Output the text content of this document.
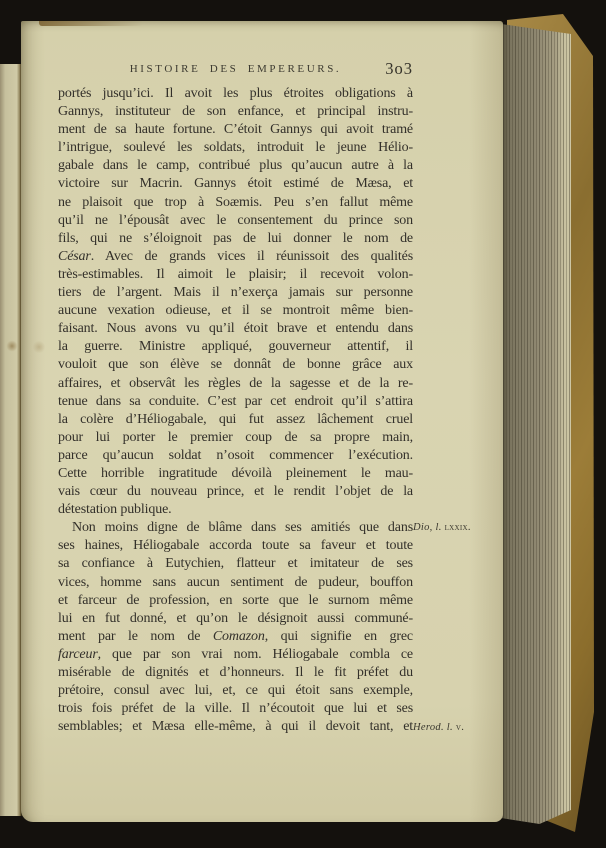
HISTOIRE DES EMPEREURS.	3o3
portés jusqu’ici. Il avoit les plus étroites obligations à
Gannys, instituteur de son enfance, et principal instru-
ment de sa haute fortune. C’étoit Gannys qui avoit tramé
l’intrigue, soulevé les soldats, introduit le jeune Hélio-
gabale dans le camp, contribué plus qu’aucun autre à la
victoire sur Macrin. Gannys étoit estimé de Mæsa, et
ne plaisoit que trop à Soæmis. Peu s’en fallut même
qu’il ne l’épousât avec le consentement du prince son
fils, qui ne s’éloignoit pas de lui donner le nom de
César. Avec de grands vices il réunissoit des qualités
très-estimables. Il aimoit le plaisir; il recevoit volon-
tiers de l’argent. Mais il n’exerça jamais sur personne
aucune vexation odieuse, et il se montroit même bien-
faisant. Nous avons vu qu’il étoit brave et entendu dans
la guerre. Ministre appliqué, gouverneur attentif, il
vouloit que son élève se donnât de bonne grâce aux
affaires, et observât les règles de la sagesse et de la re-
tenue dans sa conduite. C’est par cet endroit qu’il s’attira
la colère d’Héliogabale, qui fut assez lâchement cruel
pour lui porter le premier coup de sa propre main,
parce qu’aucun soldat n’osoit commencer l’exécution.
Cette horrible ingratitude dévoilà pleinement le mau-
vais cœur du nouveau prince, et le rendit l’objet de la
détestation publique.
Non moins digne de blâme dans ses amitiés que dans
ses haines, Héliogabale accorda toute sa faveur et toute
sa confiance à Eutychien, flatteur et imitateur de ses
vices, homme sans aucun sentiment de pudeur, bouffon
et farceur de profession, en sorte que le surnom même
lui en fut donné, et qu’on le désignoit aussi communé-
ment par le nom de Comazon, qui signifie en grec
farceur, que par son vrai nom. Héliogabale combla ce
misérable de dignités et d’honneurs. Il le fit préfet du
prétoire, consul avec lui, et, ce qui étoit sans exemple,
trois fois préfet de la ville. Il n’écoutoit que lui et ses
semblables; et Mæsa elle-même, à qui il devoit tant, et
Dio, l. lxxix.
Herod. l. v.
